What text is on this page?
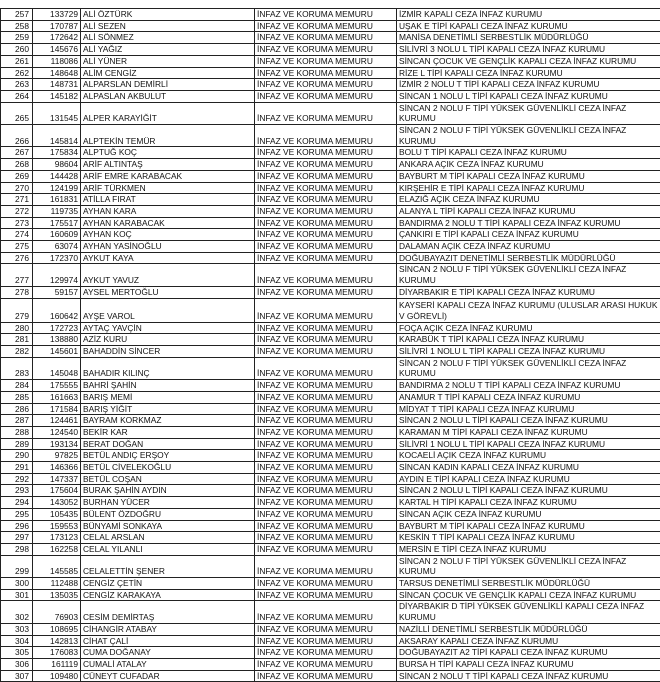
257	133729	ALİ ÖZTÜRK	İNFAZ VE KORUMA MEMURU	İZMİR KAPALI CEZA İNFAZ KURUMU
258	170787	ALİ SEZEN	İNFAZ VE KORUMA MEMURU	UŞAK E TİPİ KAPALI CEZA İNFAZ KURUMU
259	172642	ALİ SÖNMEZ	İNFAZ VE KORUMA MEMURU	MANİSA DENETİMLİ SERBESTLİK MÜDÜRLÜĞÜ
260	145676	ALİ YAĞIZ	İNFAZ VE KORUMA MEMURU	SİLİVRİ 3 NOLU L TİPİ KAPALI CEZA İNFAZ KURUMU
261	118086	ALİ YÜNER	İNFAZ VE KORUMA MEMURU	SİNCAN ÇOCUK VE GENÇLİK KAPALI CEZA İNFAZ KURUMU
262	148648	ALİM CENGİZ	İNFAZ VE KORUMA MEMURU	RİZE L TİPİ KAPALI CEZA İNFAZ KURUMU
263	148731	ALPARSLAN DEMİRLİ	İNFAZ VE KORUMA MEMURU	İZMİR 2 NOLU T TİPİ KAPALI CEZA İNFAZ KURUMU
264	145182	ALPASLAN AKBULUT	İNFAZ VE KORUMA MEMURU	SİNCAN 1 NOLU L TİPİ KAPALI CEZA İNFAZ KURUMU
265	131545	ALPER KARAYİĞİT	İNFAZ VE KORUMA MEMURU	SİNCAN 2 NOLU F TİPİ YÜKSEK GÜVENLİKLİ CEZA İNFAZ KURUMU
266	145814	ALPTEKİN TEMÜR	İNFAZ VE KORUMA MEMURU	SİNCAN 2 NOLU F TİPİ YÜKSEK GÜVENLİKLİ CEZA İNFAZ KURUMU
267	175834	ALPTUĞ KOÇ	İNFAZ VE KORUMA MEMURU	BOLU T TİPİ KAPALI CEZA İNFAZ KURUMU
268	98604	ARİF ALTINTAŞ	İNFAZ VE KORUMA MEMURU	ANKARA AÇIK CEZA İNFAZ KURUMU
269	144428	ARİF EMRE KARABACAK	İNFAZ VE KORUMA MEMURU	BAYBURT M TİPİ KAPALI CEZA İNFAZ KURUMU
270	124199	ARİF TÜRKMEN	İNFAZ VE KORUMA MEMURU	KIRŞEHİR E TİPİ KAPALI CEZA İNFAZ KURUMU
271	161831	ATİLLA FIRAT	İNFAZ VE KORUMA MEMURU	ELAZIĞ AÇIK CEZA İNFAZ KURUMU
272	119735	AYHAN KARA	İNFAZ VE KORUMA MEMURU	ALANYA L TİPİ KAPALI CEZA İNFAZ KURUMU
273	175517	AYHAN KARABACAK	İNFAZ VE KORUMA MEMURU	BANDIRMA 2 NOLU T TİPİ KAPALI CEZA İNFAZ KURUMU
274	160609	AYHAN KOÇ	İNFAZ VE KORUMA MEMURU	ÇANKIRI E TİPİ KAPALI CEZA İNFAZ KURUMU
275	63074	AYHAN YASİNOĞLU	İNFAZ VE KORUMA MEMURU	DALAMAN AÇIK CEZA İNFAZ KURUMU
276	172370	AYKUT KAYA	İNFAZ VE KORUMA MEMURU	DOĞUBAYAZIT DENETİMLİ SERBESTLİK MÜDÜRLÜĞÜ
277	129974	AYKUT YAVUZ	İNFAZ VE KORUMA MEMURU	SİNCAN 2 NOLU F TİPİ YÜKSEK GÜVENLİKLİ CEZA İNFAZ KURUMU
278	59157	AYSEL MERTOĞLU	İNFAZ VE KORUMA MEMURU	DİYARBAKIR E TİPİ KAPALI CEZA İNFAZ KURUMU
279	160642	AYŞE VAROL	İNFAZ VE KORUMA MEMURU	KAYSERİ KAPALI CEZA İNFAZ KURUMU (ULUSLAR ARASI HUKUK V GÖREVLİ)
280	172723	AYTAÇ YAVÇİN	İNFAZ VE KORUMA MEMURU	FOÇA AÇIK CEZA İNFAZ KURUMU
281	138880	AZİZ KURU	İNFAZ VE KORUMA MEMURU	KARABÜK T TİPİ KAPALI CEZA İNFAZ KURUMU
282	145601	BAHADDİN SİNCER	İNFAZ VE KORUMA MEMURU	SİLİVRİ 1 NOLU L TİPİ KAPALI CEZA İNFAZ KURUMU
283	145048	BAHADIR KILINÇ	İNFAZ VE KORUMA MEMURU	SİNCAN 2 NOLU F TİPİ YÜKSEK GÜVENLİKLİ CEZA İNFAZ KURUMU
284	175555	BAHRİ ŞAHİN	İNFAZ VE KORUMA MEMURU	BANDIRMA 2 NOLU T TİPİ KAPALI CEZA İNFAZ KURUMU
285	161663	BARIŞ MEMİ	İNFAZ VE KORUMA MEMURU	ANAMUR T TİPİ KAPALI CEZA İNFAZ KURUMU
286	171584	BARIŞ YİĞİT	İNFAZ VE KORUMA MEMURU	MİDYAT T TİPİ KAPALI CEZA İNFAZ KURUMU
287	124461	BAYRAM KORKMAZ	İNFAZ VE KORUMA MEMURU	SİNCAN 2 NOLU L TİPİ KAPALI CEZA İNFAZ KURUMU
288	124540	BEKİR KAR	İNFAZ VE KORUMA MEMURU	KARAMAN M TİPİ KAPALI CEZA İNFAZ KURUMU
289	193134	BERAT DOĞAN	İNFAZ VE KORUMA MEMURU	SİLİVRİ 1 NOLU L TİPİ KAPALI CEZA İNFAZ KURUMU
290	97825	BETÜL ANDIÇ ERŞOY	İNFAZ VE KORUMA MEMURU	KOCAELİ AÇIK CEZA İNFAZ KURUMU
291	146366	BETÜL CİVELEKOĞLU	İNFAZ VE KORUMA MEMURU	SİNCAN KADIN KAPALI CEZA İNFAZ KURUMU
292	147337	BETÜL COŞAN	İNFAZ VE KORUMA MEMURU	AYDIN E TİPİ KAPALI CEZA İNFAZ KURUMU
293	175604	BURAK ŞAHİN AYDIN	İNFAZ VE KORUMA MEMURU	SİNCAN 2 NOLU L TİPİ KAPALI CEZA İNFAZ KURUMU
294	143052	BURHAN YÜCER	İNFAZ VE KORUMA MEMURU	KARTAL H TİPİ KAPALI CEZA İNFAZ KURUMU
295	105435	BÜLENT ÖZDOĞRU	İNFAZ VE KORUMA MEMURU	SİNCAN AÇIK CEZA İNFAZ KURUMU
296	159553	BÜNYAMİ SONKAYA	İNFAZ VE KORUMA MEMURU	BAYBURT M TİPİ KAPALI CEZA İNFAZ KURUMU
297	173123	CELAL ARSLAN	İNFAZ VE KORUMA MEMURU	KESKİN T TİPİ KAPALI CEZA İNFAZ KURUMU
298	162258	CELAL YILANLI	İNFAZ VE KORUMA MEMURU	MERSİN E TİPİ CEZA İNFAZ KURUMU
299	145585	CELALETTİN ŞENER	İNFAZ VE KORUMA MEMURU	SİNCAN 2 NOLU F TİPİ YÜKSEK GÜVENLİKLİ CEZA İNFAZ KURUMU
300	112488	CENGİZ ÇETİN	İNFAZ VE KORUMA MEMURU	TARSUS DENETİMLİ SERBESTLİK MÜDÜRLÜĞÜ
301	135035	CENGİZ KARAKAYA	İNFAZ VE KORUMA MEMURU	SİNCAN ÇOCUK VE GENÇLİK KAPALI CEZA İNFAZ KURUMU
302	76903	CESİM DEMİRTAŞ	İNFAZ VE KORUMA MEMURU	DİYARBAKIR D TİPİ YÜKSEK GÜVENLİKLİ KAPALI CEZA İNFAZ KURUMU
303	108695	CİHANGİR ATABAY	İNFAZ VE KORUMA MEMURU	NAZİLLİ DENETİMLİ SERBESTLİK MÜDÜRLÜĞÜ
304	142813	CİHAT ÇALİ	İNFAZ VE KORUMA MEMURU	AKSARAY KAPALI CEZA İNFAZ KURUMU
305	176083	CUMA DOĞANAY	İNFAZ VE KORUMA MEMURU	DOĞUBAYAZIT A2 TİPİ KAPALI CEZA İNFAZ KURUMU
306	161119	CUMALİ ATALAY	İNFAZ VE KORUMA MEMURU	BURSA H TİPİ KAPALI CEZA İNFAZ KURUMU
307	109480	CÜNEYT CUFADAR	İNFAZ VE KORUMA MEMURU	SİNCAN 2 NOLU T TİPİ KAPALI CEZA İNFAZ KURUMU
